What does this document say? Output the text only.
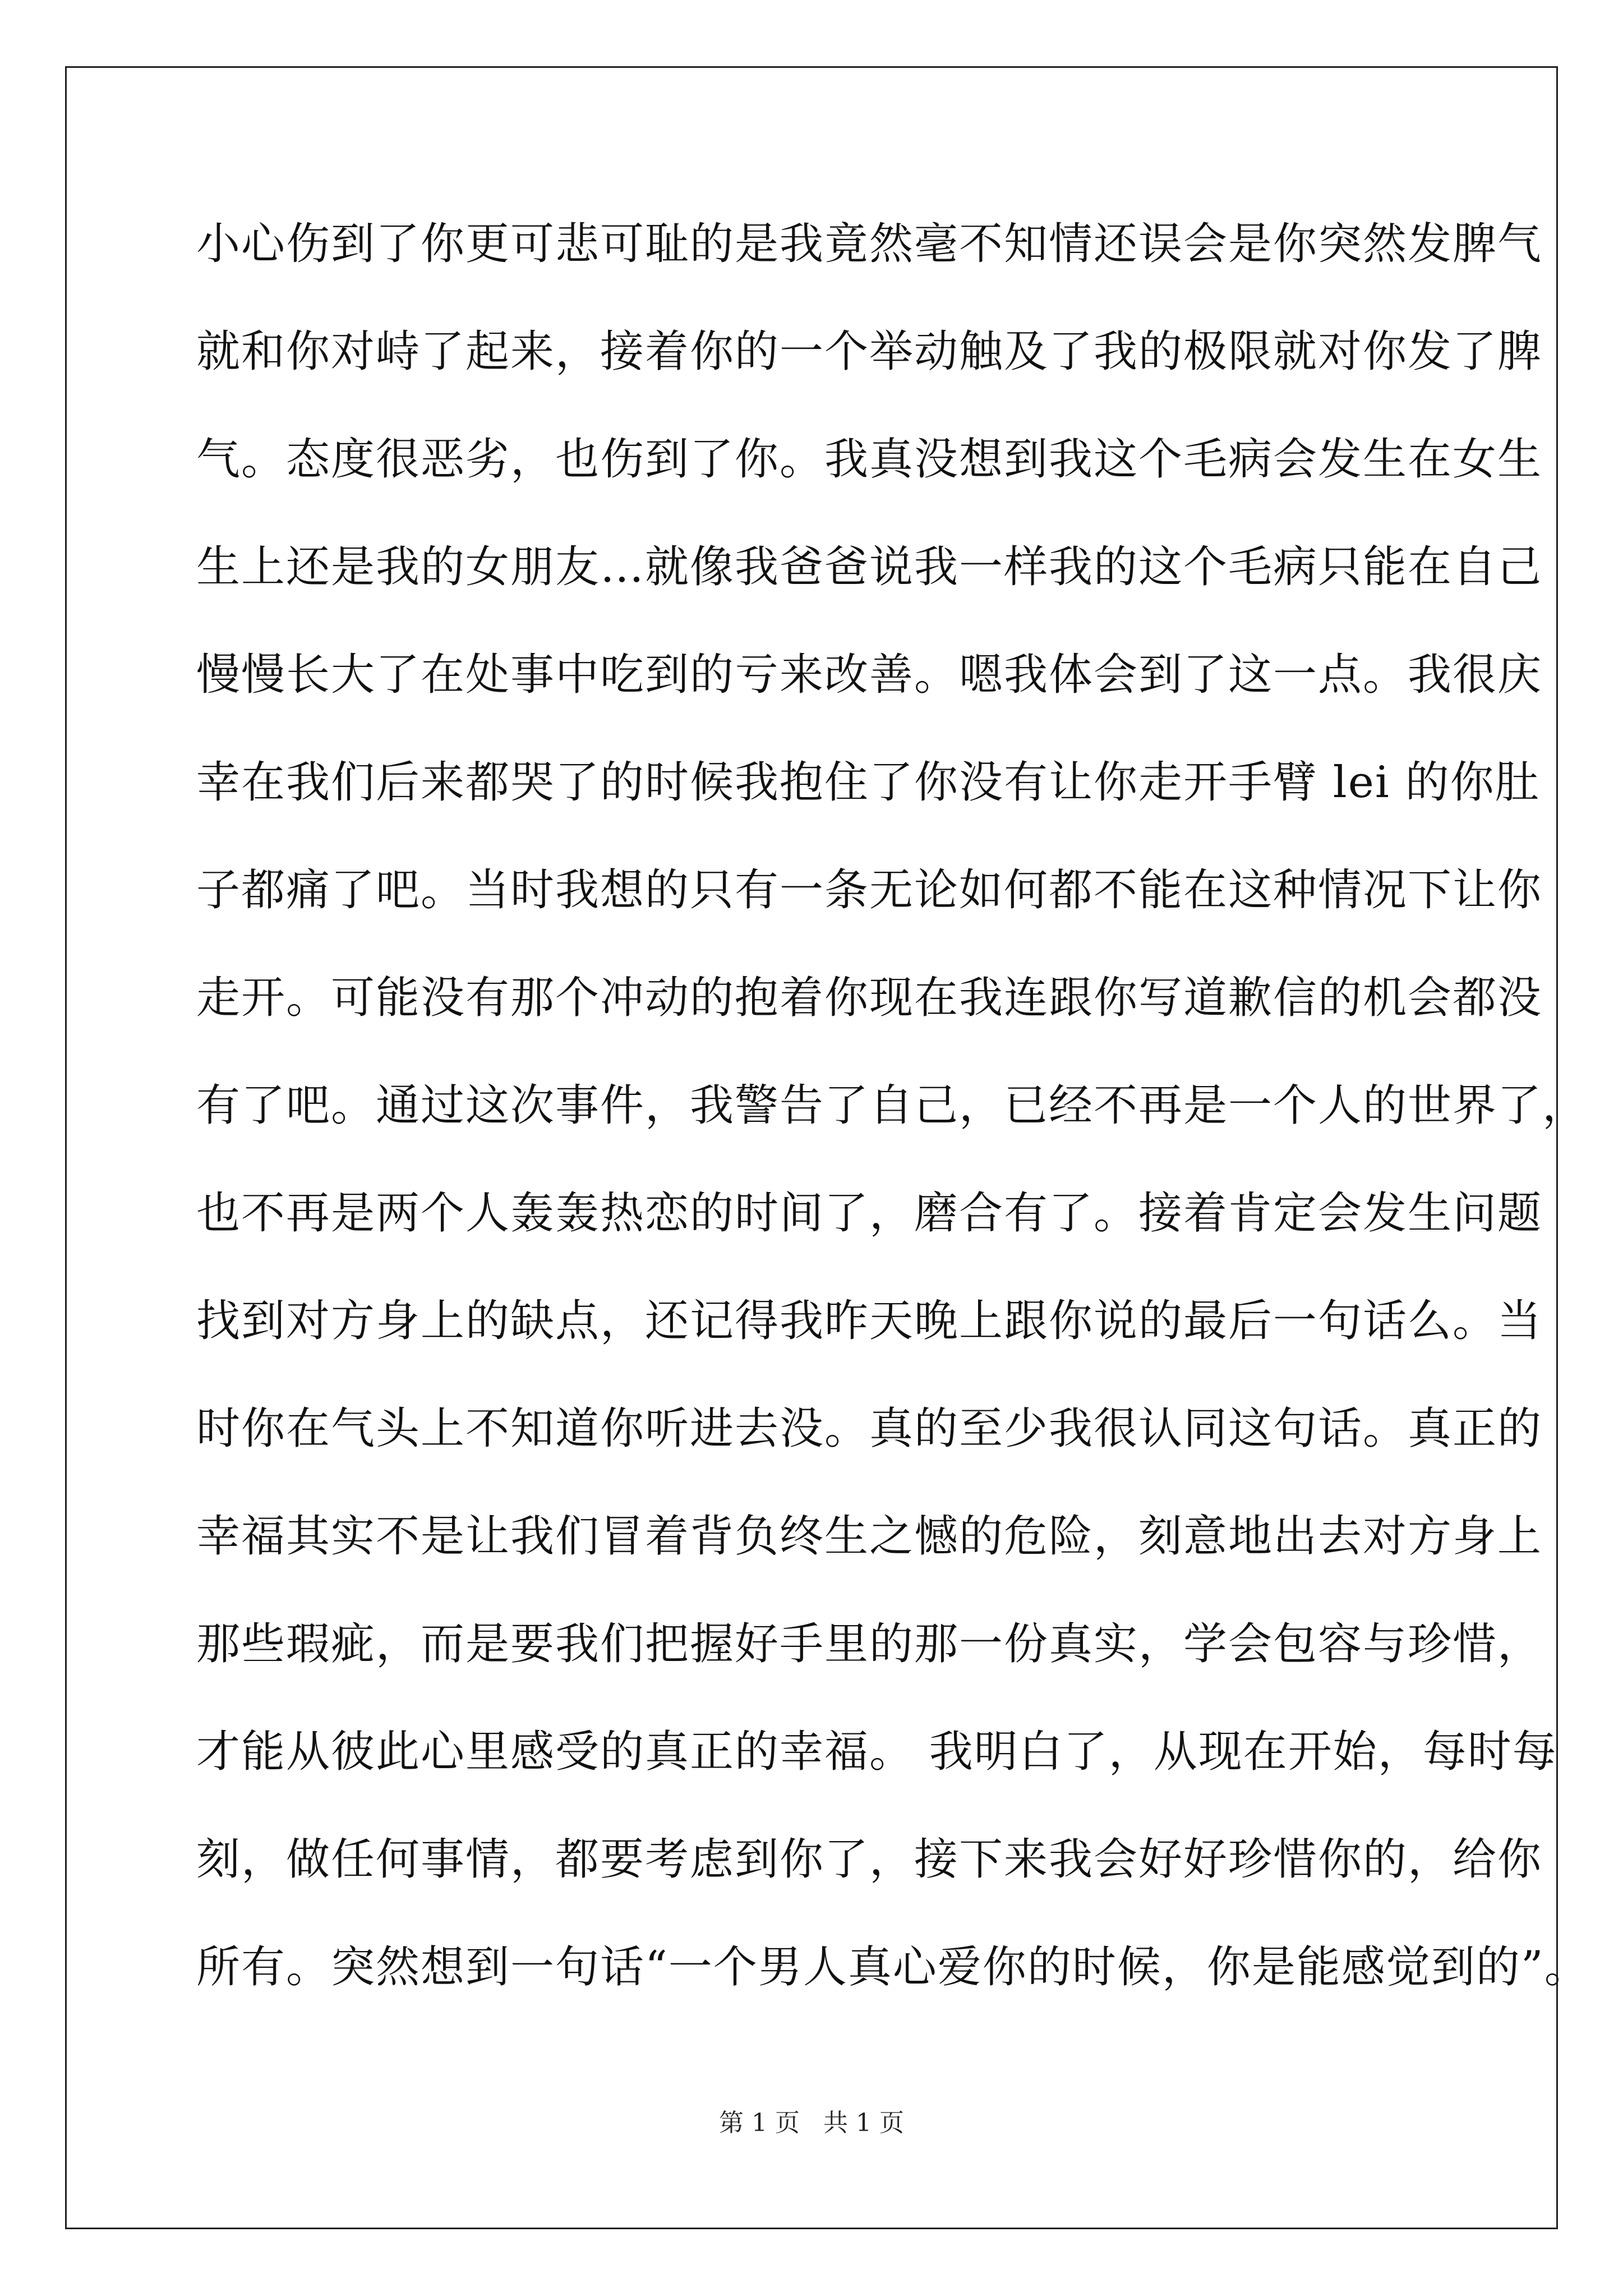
小心伤到了你更可悲可耻的是我竟然毫不知情还误会是你突然发脾气
就和你对峙了起来，接着你的一个举动触及了我的极限就对你发了脾
气。态度很恶劣，也伤到了你。我真没想到我这个毛病会发生在女生
生上还是我的女朋友…就像我爸爸说我一样我的这个毛病只能在自己
慢慢长大了在处事中吃到的亏来改善。嗯我体会到了这一点。我很庆
幸在我们后来都哭了的时候我抱住了你没有让你走开手臂 lei 的你肚
子都痛了吧。当时我想的只有一条无论如何都不能在这种情况下让你
走开。可能没有那个冲动的抱着你现在我连跟你写道歉信的机会都没
有了吧。通过这次事件，我警告了自己，已经不再是一个人的世界了，
也不再是两个人轰轰热恋的时间了，磨合有了。接着肯定会发生问题
找到对方身上的缺点，还记得我昨天晚上跟你说的最后一句话么。当
时你在气头上不知道你听进去没。真的至少我很认同这句话。真正的
幸福其实不是让我们冒着背负终生之憾的危险，刻意地出去对方身上
那些瑕疵，而是要我们把握好手里的那一份真实，学会包容与珍惜，
才能从彼此心里感受的真正的幸福。 我明白了，从现在开始，每时每
刻，做任何事情，都要考虑到你了，接下来我会好好珍惜你的，给你
所有。突然想到一句话“一个男人真心爱你的时候，你是能感觉到的”。
第 1 页   共 1 页
